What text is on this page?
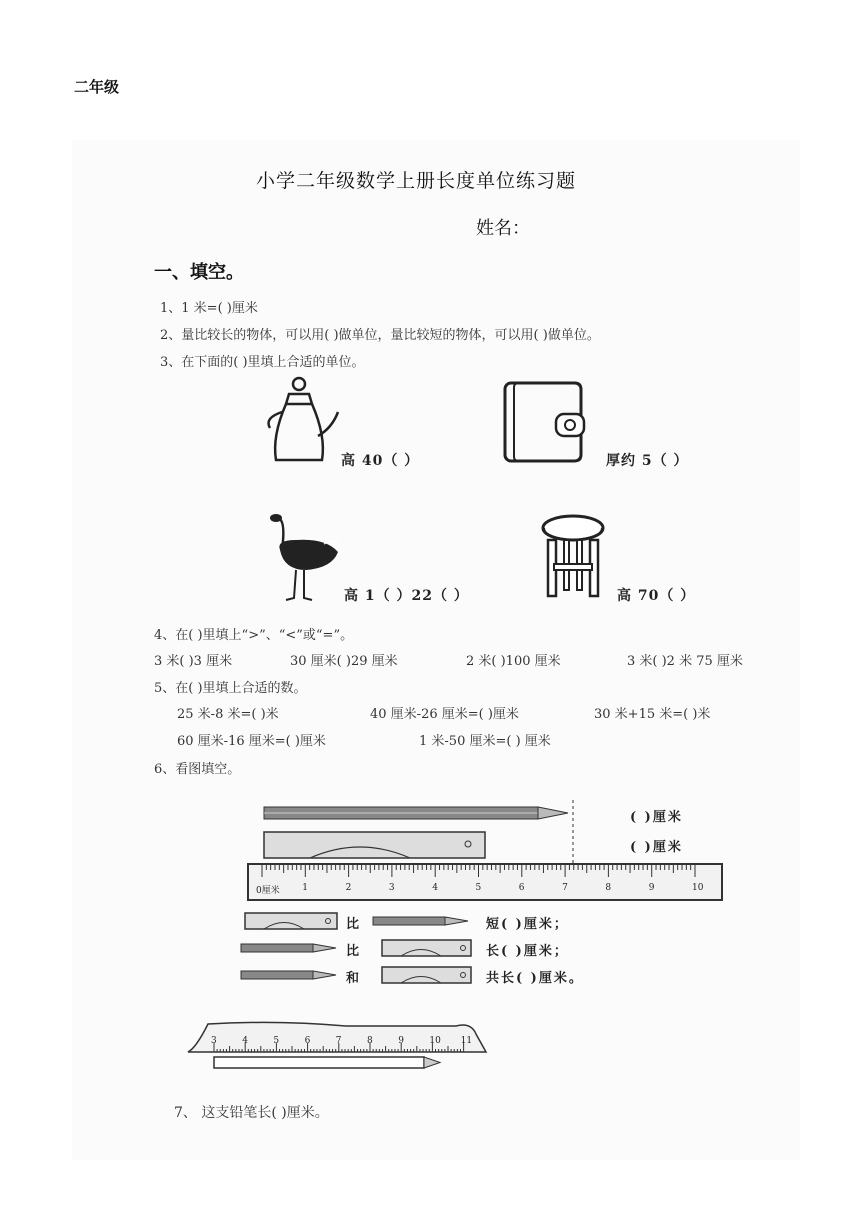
二年级
小学二年级数学上册长度单位练习题
姓名：
一、填空。
1、1 米=( )厘米
2、量比较长的物体，可以用( )做单位，量比较短的物体，可以用( )做单位。
3、在下面的( )里填上合适的单位。
高 40（ ）	厚约 5（ ）
高 1（ ）22（ ）	高 70（ ）
4、在( )里填上“>”、“<”或“=”。
3 米( )3 厘米	30 厘米( )29 厘米	2 米( )100 厘米	3 米( )2 米 75 厘米
5、在( )里填上合适的数。
25 米-8 米=( )米	40 厘米-26 厘米=( )厘米	30 米+15 米=( )米
60 厘米-16 厘米=( )厘米	1 米-50 厘米=( ) 厘米
6、看图填空。
( )厘米
( )厘米
0厘米	1	2	3	4	5	6	7	8	9	10
比	短( )厘米；
比	长( )厘米；
和	共长( )厘米。
3	4	5	6	7	8	9	10 11
7、 这支铅笔长( )厘米。
